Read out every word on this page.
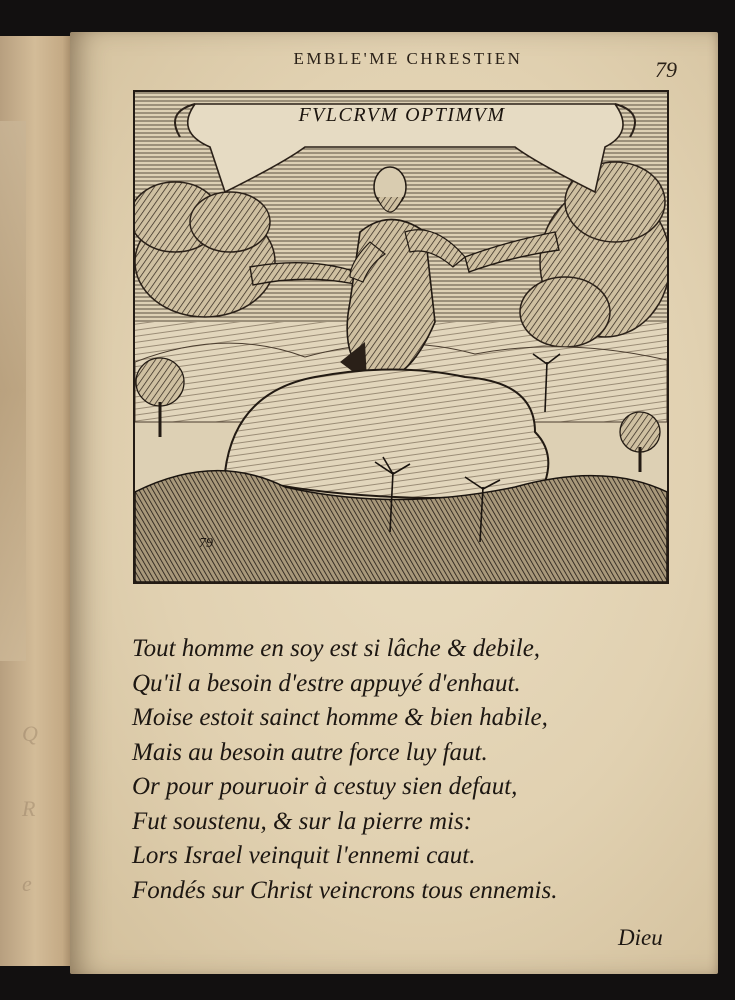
Q
R
e
EMBLE'ME CHRESTIEN	79
FVLCRVM OPTIMVM
79
Tout homme en soy est si lâche & debile,
Qu'il a besoin d'estre appuyé d'enhaut.
Moise estoit sainct homme & bien habile,
Mais au besoin autre force luy faut.
Or pour pouruoir à cestuy sien defaut,
Fut soustenu, & sur la pierre mis:
Lors Israel veinquit l'ennemi caut.
Fondés sur Christ veincrons tous ennemis.
Dieu
